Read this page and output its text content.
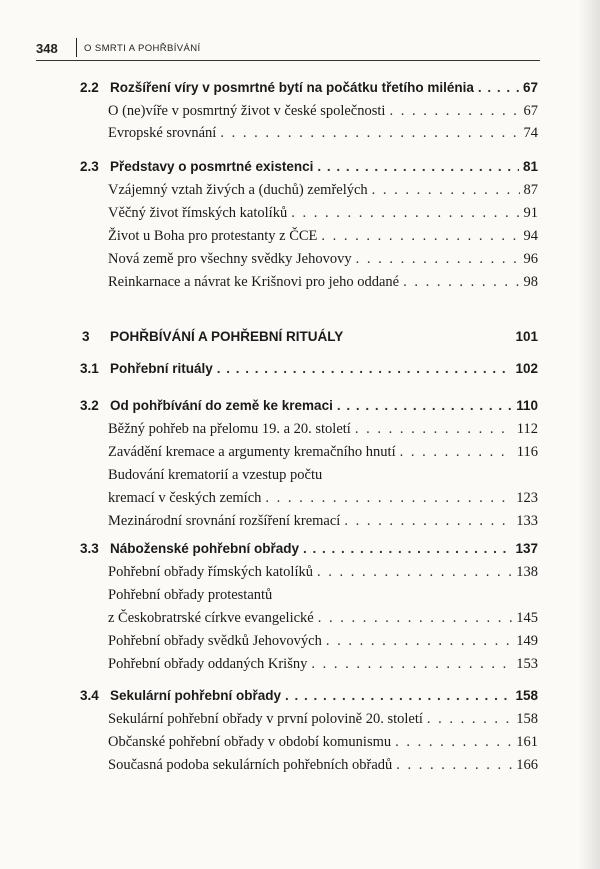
348	O SMRTI A POHŘBÍVÁNÍ
2.2 Rozšíření víry v posmrtné bytí na počátku třetího milénia . . .	67
O (ne)víře v posmrtný život v české společnosti . . .	67
Evropské srovnání . . .	74
2.3 Představy o posmrtné existenci . . .	81
Vzájemný vztah živých a (duchů) zemřelých . . .	87
Věčný život římských katolíků . . .	91
Život u Boha pro protestanty z ČCE . . .	94
Nová země pro všechny svědky Jehovovy . . .	96
Reinkarnace a návrat ke Krišnovi pro jeho oddané . . .	98
3	POHŘBÍVÁNÍ A POHŘEBNÍ RITUÁLY	101
3.1 Pohřební rituály . . .	102
3.2 Od pohřbívání do země ke kremaci . . .	110
Běžný pohřeb na přelomu 19. a 20. století . . .	112
Zavádění kremace a argumenty kremačního hnutí . . .	116
Budování krematorií a vzestup počtu
kremací v českých zemích . . .	123
Mezinárodní srovnání rozšíření kremací . . .	133
3.3 Náboženské pohřební obřady . . .	137
Pohřební obřady římských katolíků . . .	138
Pohřební obřady protestantů
z Českobratrské církve evangelické . . .	145
Pohřební obřady svědků Jehovových . . .	149
Pohřební obřady oddaných Krišny . . .	153
3.4 Sekulární pohřební obřady . . .	158
Sekulární pohřební obřady v první polovině 20. století . . .	158
Občanské pohřební obřady v období komunismu . . .	161
Současná podoba sekulárních pohřebních obřadů . . .	166
